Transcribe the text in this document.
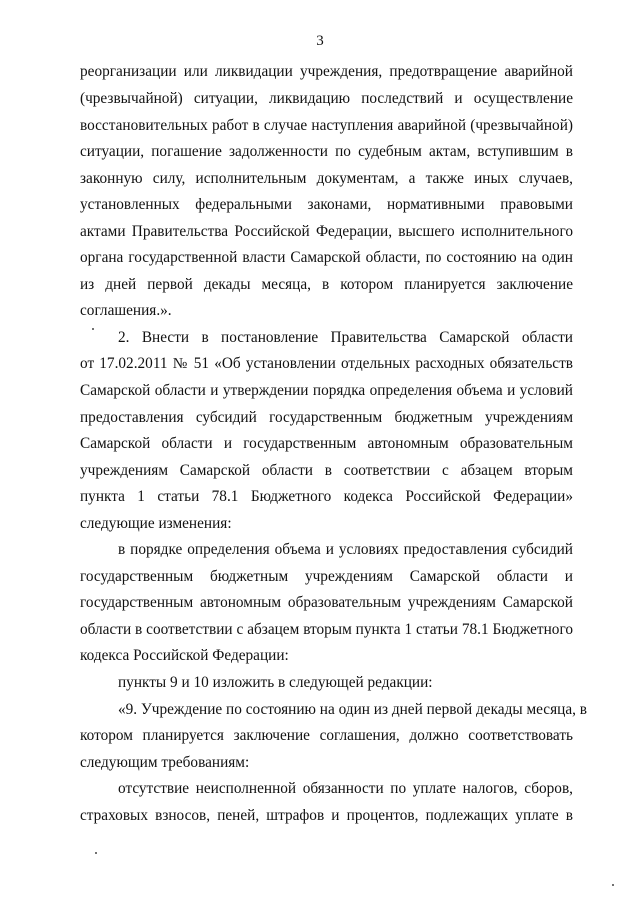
3
реорганизации или ликвидации учреждения, предотвращение аварийной
(чрезвычайной) ситуации, ликвидацию последствий и осуществление
восстановительных работ в случае наступления аварийной (чрезвычайной)
ситуации, погашение задолженности по судебным актам, вступившим в
законную силу, исполнительным документам, а также иных случаев,
установленных федеральными законами, нормативными правовыми
актами Правительства Российской Федерации, высшего исполнительного
органа государственной власти Самарской области, по состоянию на один
из дней первой декады месяца, в котором планируется заключение
соглашения.».
2. Внести в постановление Правительства Самарской области
от 17.02.2011 № 51 «Об установлении отдельных расходных обязательств
Самарской области и утверждении порядка определения объема и условий
предоставления субсидий государственным бюджетным учреждениям
Самарской области и государственным автономным образовательным
учреждениям Самарской области в соответствии с абзацем вторым
пункта 1 статьи 78.1 Бюджетного кодекса Российской Федерации»
следующие изменения:
в порядке определения объема и условиях предоставления субсидий
государственным бюджетным учреждениям Самарской области и
государственным автономным образовательным учреждениям Самарской
области в соответствии с абзацем вторым пункта 1 статьи 78.1 Бюджетного
кодекса Российской Федерации:
пункты 9 и 10 изложить в следующей редакции:
«9. Учреждение по состоянию на один из дней первой декады месяца, в
котором планируется заключение соглашения, должно соответствовать
следующим требованиям:
отсутствие неисполненной обязанности по уплате налогов, сборов,
страховых взносов, пеней, штрафов и процентов, подлежащих уплате в
